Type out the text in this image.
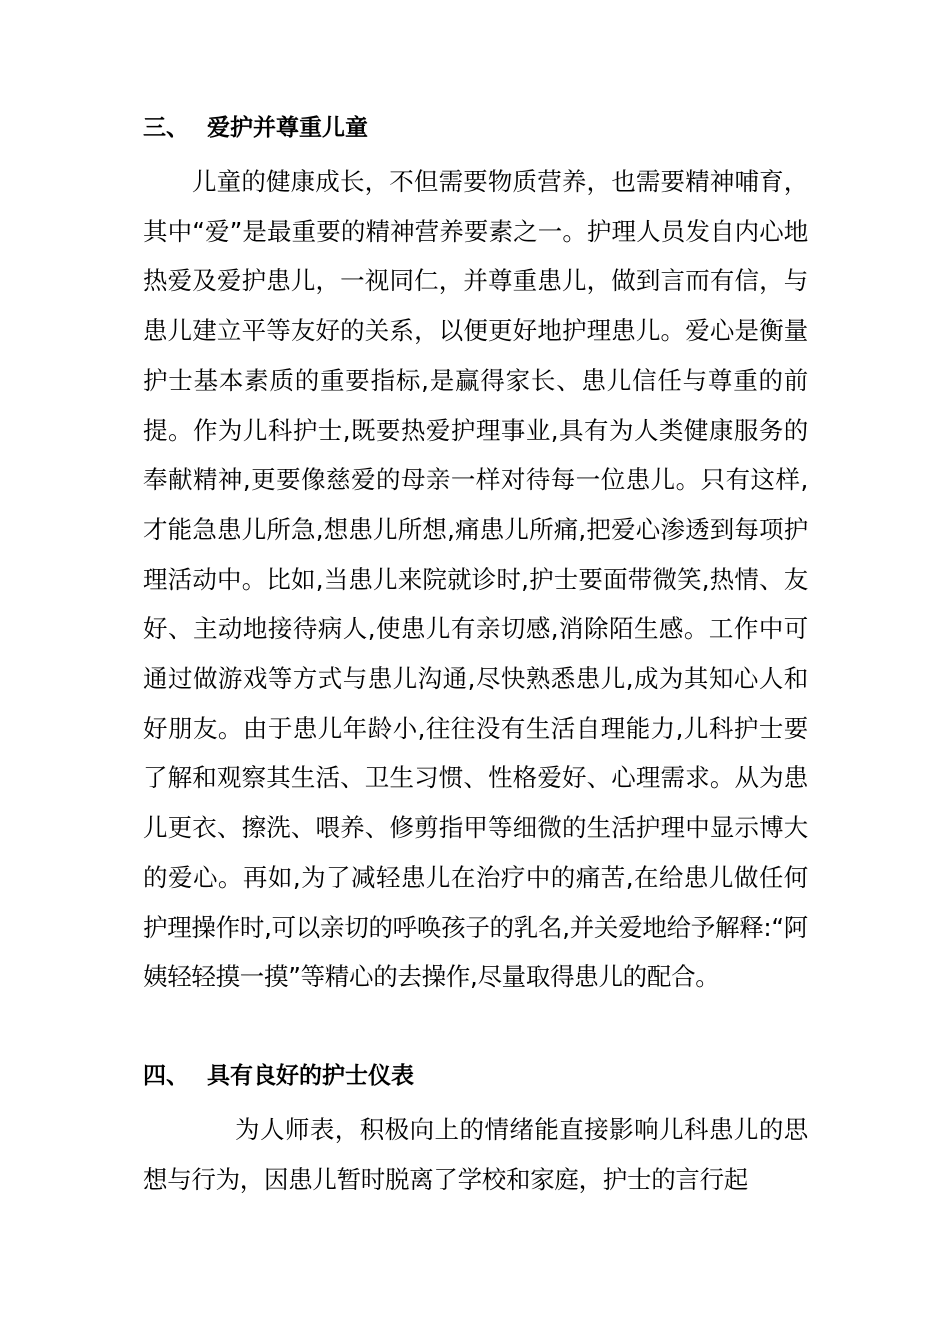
三、 爱护并尊重儿童

儿童的健康成长，不但需要物质营养，也需要精神哺育，其中“爱”是最重要的精神营养要素之一。护理人员发自内心地热爱及爱护患儿，一视同仁，并尊重患儿，做到言而有信，与患儿建立平等友好的关系，以便更好地护理患儿。爱心是衡量护士基本素质的重要指标,是赢得家长、患儿信任与尊重的前提。作为儿科护士,既要热爱护理事业,具有为人类健康服务的奉献精神,更要像慈爱的母亲一样对待每一位患儿。只有这样,才能急患儿所急,想患儿所想,痛患儿所痛,把爱心渗透到每项护理活动中。比如,当患儿来院就诊时,护士要面带微笑,热情、友好、主动地接待病人,使患儿有亲切感,消除陌生感。工作中可通过做游戏等方式与患儿沟通,尽快熟悉患儿,成为其知心人和好朋友。由于患儿年龄小,往往没有生活自理能力,儿科护士要了解和观察其生活、卫生习惯、性格爱好、心理需求。从为患儿更衣、擦洗、喂养、修剪指甲等细微的生活护理中显示博大的爱心。再如,为了减轻患儿在治疗中的痛苦,在给患儿做任何护理操作时,可以亲切的呼唤孩子的乳名,并关爱地给予解释:“阿姨轻轻摸一摸”等精心的去操作,尽量取得患儿的配合。

四、 具有良好的护士仪表

为人师表，积极向上的情绪能直接影响儿科患儿的思想与行为，因患儿暂时脱离了学校和家庭，护士的言行起
